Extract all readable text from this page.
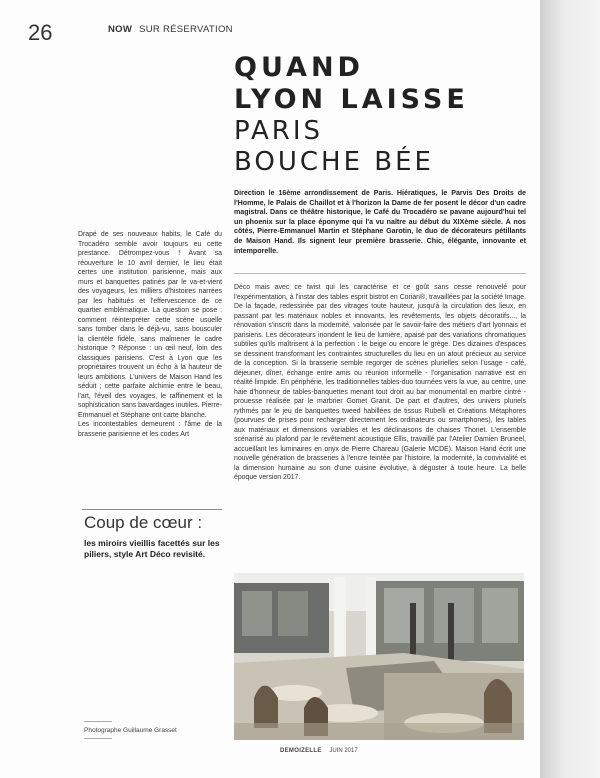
26	NOW SUR RÉSERVATION
QUAND
LYON LAISSE
PARIS
BOUCHE BÉE
Direction le 16ème arrondissement de Paris. Hiératiques, le Parvis Des Droits de l'Homme, le Palais de Chaillot et à l'horizon la Dame de fer posent le décor d'un cadre magistral. Dans ce théâtre historique, le Café du Trocadéro se pavane aujourd'hui tel un phoenix sur la place éponyme qui l'a vu naître au début du XIXème siècle. À nos côtés, Pierre-Emmanuel Martin et Stéphane Garotin, le duo de décorateurs pétillants de Maison Hand. Ils signent leur première brasserie. Chic, élégante, innovante et intemporelle.

Drapé de ses nouveaux habits, le Café du Trocadéro semble avoir toujours eu cette prestance. Détrompez-vous ! Avant sa réouverture le 10 avril dernier, le lieu était certes une institution parisienne, mais aux murs et banquettes patinés par le va-et-vient des voyageurs, les milliers d'histoires narrées par les habitués et l'effervescence de ce quartier emblématique. La question se pose : comment réinterpréter cette scène usuelle sans tomber dans le déjà-vu, sans bousculer la clientèle fidèle, sans malmener le cadre historique ? Réponse : un œil neuf, loin des classiques parisiens. C'est à Lyon que les propriétaires trouvent un écho à la hauteur de leurs ambitions. L'univers de Maison Hand les séduit ; cette parfaite alchimie entre le beau, l'art, l'éveil des voyages, le raffinement et la sophistication sans bavardages inutiles. Pierre-Emmanuel et Stéphane ont carte blanche.

Les incontestables demeurent : l'âme de la brasserie parisienne et les codes Art

Déco mais avec ce twist qui les caractérise et ce goût sans cesse renouvelé pour l'expérimentation, à l'instar des tables esprit bistrot en Corian®, travaillées par la société Image. De la façade, redessinée par des vitrages toute hauteur, jusqu'à la circulation des lieux, en passant par les matériaux nobles et innovants, les revêtements, les objets décoratifs..., la rénovation s'inscrit dans la modernité, valorisée par le savoir-faire des métiers d'art lyonnais et parisiens. Les décorateurs inondent le lieu de lumière, apaisé par des variations chromatiques subtiles qu'ils maîtrisent à la perfection : le beige ou encore le grège. Des dizaines d'espaces se dessinent transformant les contraintes structurelles du lieu en un atout précieux au service de la conception. Si la brasserie semble regorger de scènes plurielles selon l'usage - café, déjeuner, dîner, échange entre amis ou réunion informelle - l'organisation narrative est en réalité limpide. En périphérie, les traditionnelles tables-duo tournées vers la vue, au centre, une haie d'honneur de tables-banquettes menant tout droit au bar monumental en marbre cintré - prouesse réalisée par le marbrier Gomet Granit. De part et d'autres, des univers pluriels rythmés par le jeu de banquettes tweed habillées de tissus Rubelli et Créations Métaphores (pourvues de prises pour recharger directement les ordinateurs ou smartphones), les tables aux matériaux et dimensions variables et les déclinaisons de chaises Thonet. L'ensemble scénarisé au plafond par le revêtement acoustique Ellis, travaillé par l'Atelier Damien Bruneel, accueillant les luminaires en onyx de Pierre Chareau (Galerie MCDE). Maison Hand écrit une nouvelle génération de brasseries à l'encre teintée par l'histoire, la modernité, la convivialité et la dimension humaine au son d'une cuisine évolutive, à déguster à toute heure. La belle époque version 2017.

Coup de cœur :
les miroirs vieillis facettés sur les piliers, style Art Déco revisité.
Photographe Guillaume Grasset
DEMOIZELLE JUIN 2017
